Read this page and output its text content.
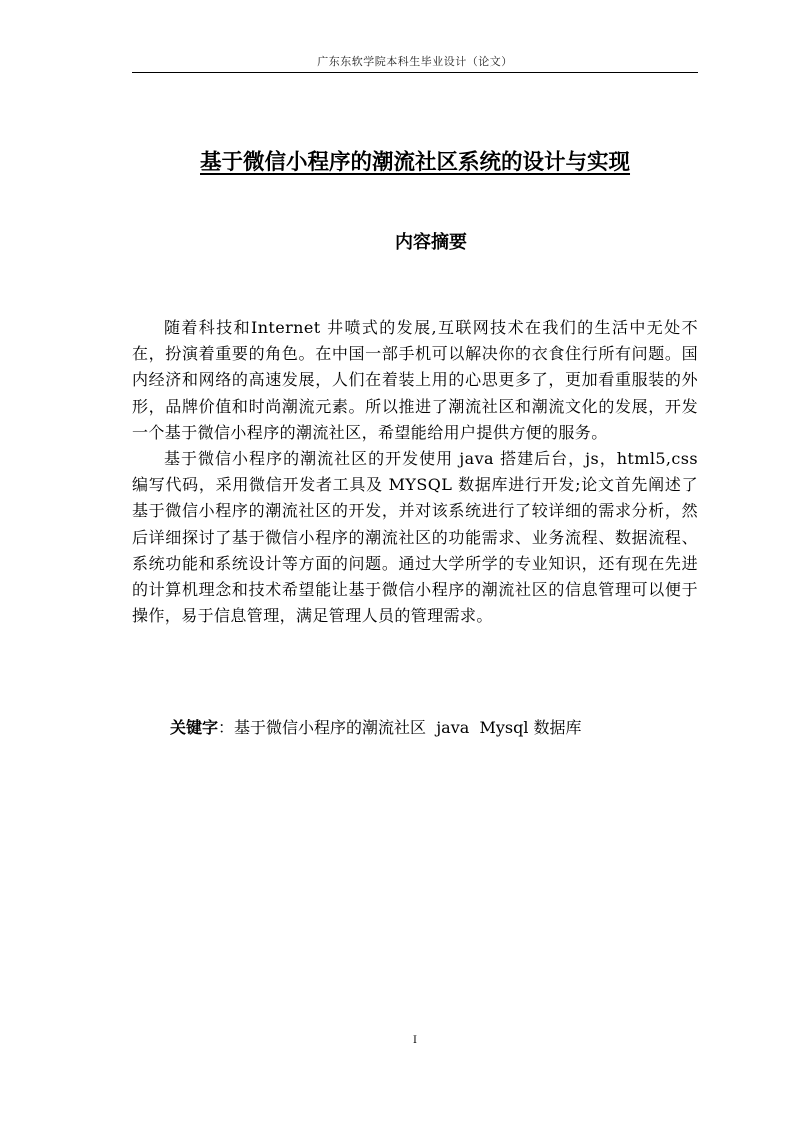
广东东软学院本科生毕业设计（论文）
基于微信小程序的潮流社区系统的设计与实现
内容摘要

随着科技和Internet 井喷式的发展,互联网技术在我们的生活中无处不在，扮演着重要的角色。在中国一部手机可以解决你的衣食住行所有问题。国内经济和网络的高速发展，人们在着装上用的心思更多了，更加看重服装的外形，品牌价值和时尚潮流元素。所以推进了潮流社区和潮流文化的发展，开发一个基于微信小程序的潮流社区，希望能给用户提供方便的服务。

基于微信小程序的潮流社区的开发使用 java 搭建后台，js，html5,css 编写代码，采用微信开发者工具及 MYSQL 数据库进行开发;论文首先阐述了基于微信小程序的潮流社区的开发，并对该系统进行了较详细的需求分析，然后详细探讨了基于微信小程序的潮流社区的功能需求、业务流程、数据流程、系统功能和系统设计等方面的问题。通过大学所学的专业知识，还有现在先进的计算机理念和技术希望能让基于微信小程序的潮流社区的信息管理可以便于操作，易于信息管理，满足管理人员的管理需求。

关键字：基于微信小程序的潮流社区  java  Mysql 数据库
I
